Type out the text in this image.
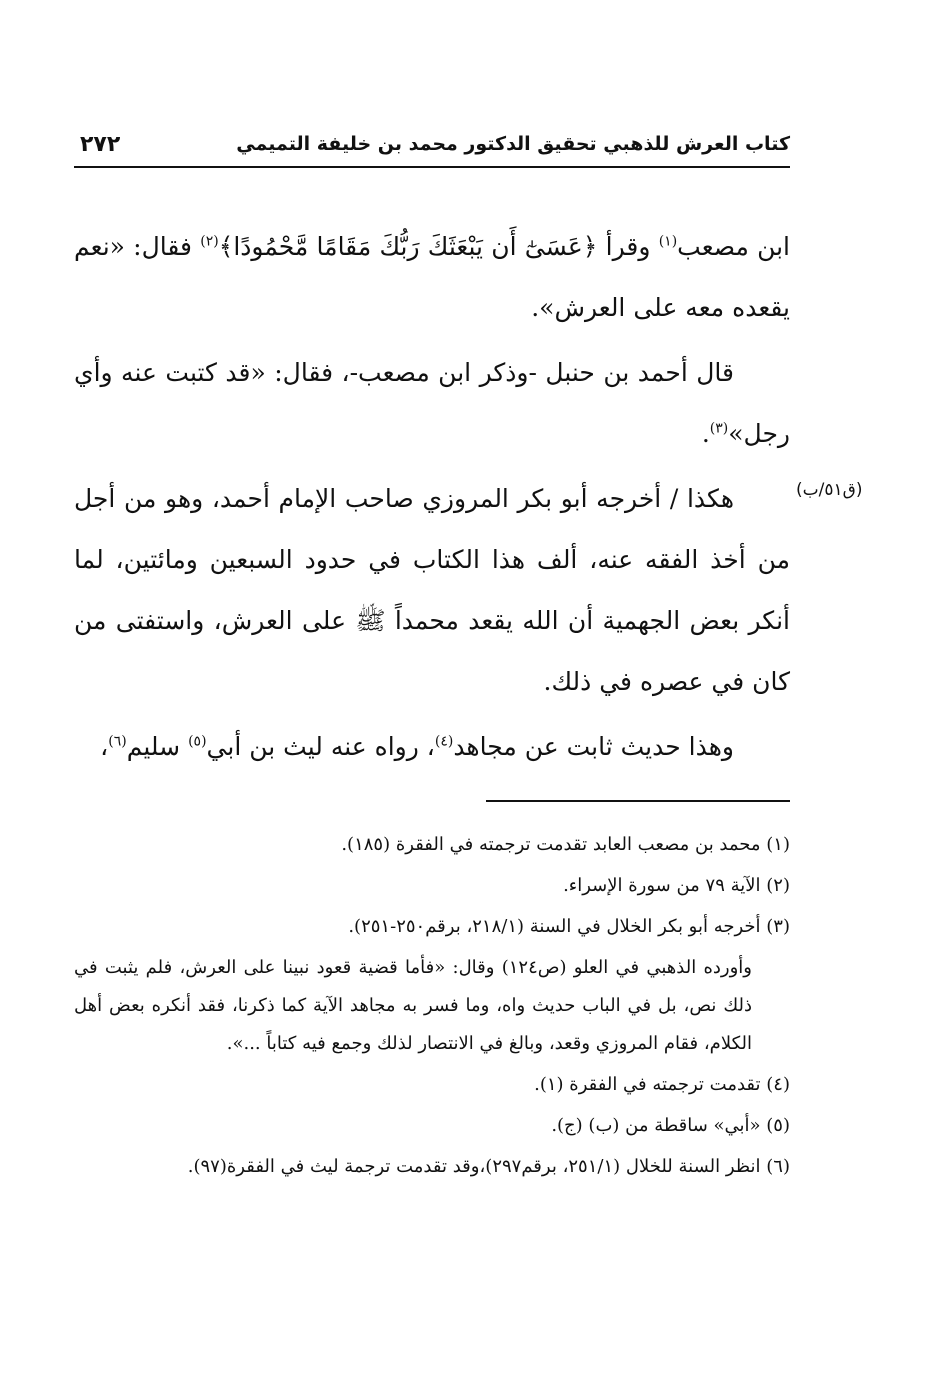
كتاب العرش للذهبي تحقيق الدكتور محمد بن خليفة التميمي
٢٧٢
(ق٥١/ب)

ابن مصعب$^{(١)}$ وقرأ ﴿عَسَىٰٓ أَن يَبْعَثَكَ رَبُّكَ مَقَامًا مَّحْمُودًا﴾$^{(٢)}$ فقال: «نعم يقعده معه على العرش».

قال أحمد بن حنبل -وذكر ابن مصعب-، فقال: «قد كتبت عنه وأي رجل»$^{(٣)}$.

هكذا / أخرجه أبو بكر المروزي صاحب الإمام أحمد، وهو من أجل من أخذ الفقه عنه، ألف هذا الكتاب في حدود السبعين ومائتين، لما أنكر بعض الجهمية أن الله يقعد محمداً ﷺ على العرش، واستفتى من كان في عصره في ذلك.

وهذا حديث ثابت عن مجاهد$^{(٤)}$، رواه عنه ليث بن أبي$^{(٥)}$ سليم$^{(٦)}$،

(١) محمد بن مصعب العابد تقدمت ترجمته في الفقرة (١٨٥).

(٢) الآية ٧٩ من سورة الإسراء.

(٣) أخرجه أبو بكر الخلال في السنة (٢١٨/١، برقم٢٥٠-٢٥١).

وأورده الذهبي في العلو (ص١٢٤) وقال: «فأما قضية قعود نبينا على العرش، فلم يثبت في ذلك نص، بل في الباب حديث واه، وما فسر به مجاهد الآية كما ذكرنا، فقد أنكره بعض أهل الكلام، فقام المروزي وقعد، وبالغ في الانتصار لذلك وجمع فيه كتاباً ...».

(٤) تقدمت ترجمته في الفقرة (١).

(٥) «أبي» ساقطة من (ب) (ج).

(٦) انظر السنة للخلال (٢٥١/١، برقم٢٩٧)،وقد تقدمت ترجمة ليث في الفقرة(٩٧).
